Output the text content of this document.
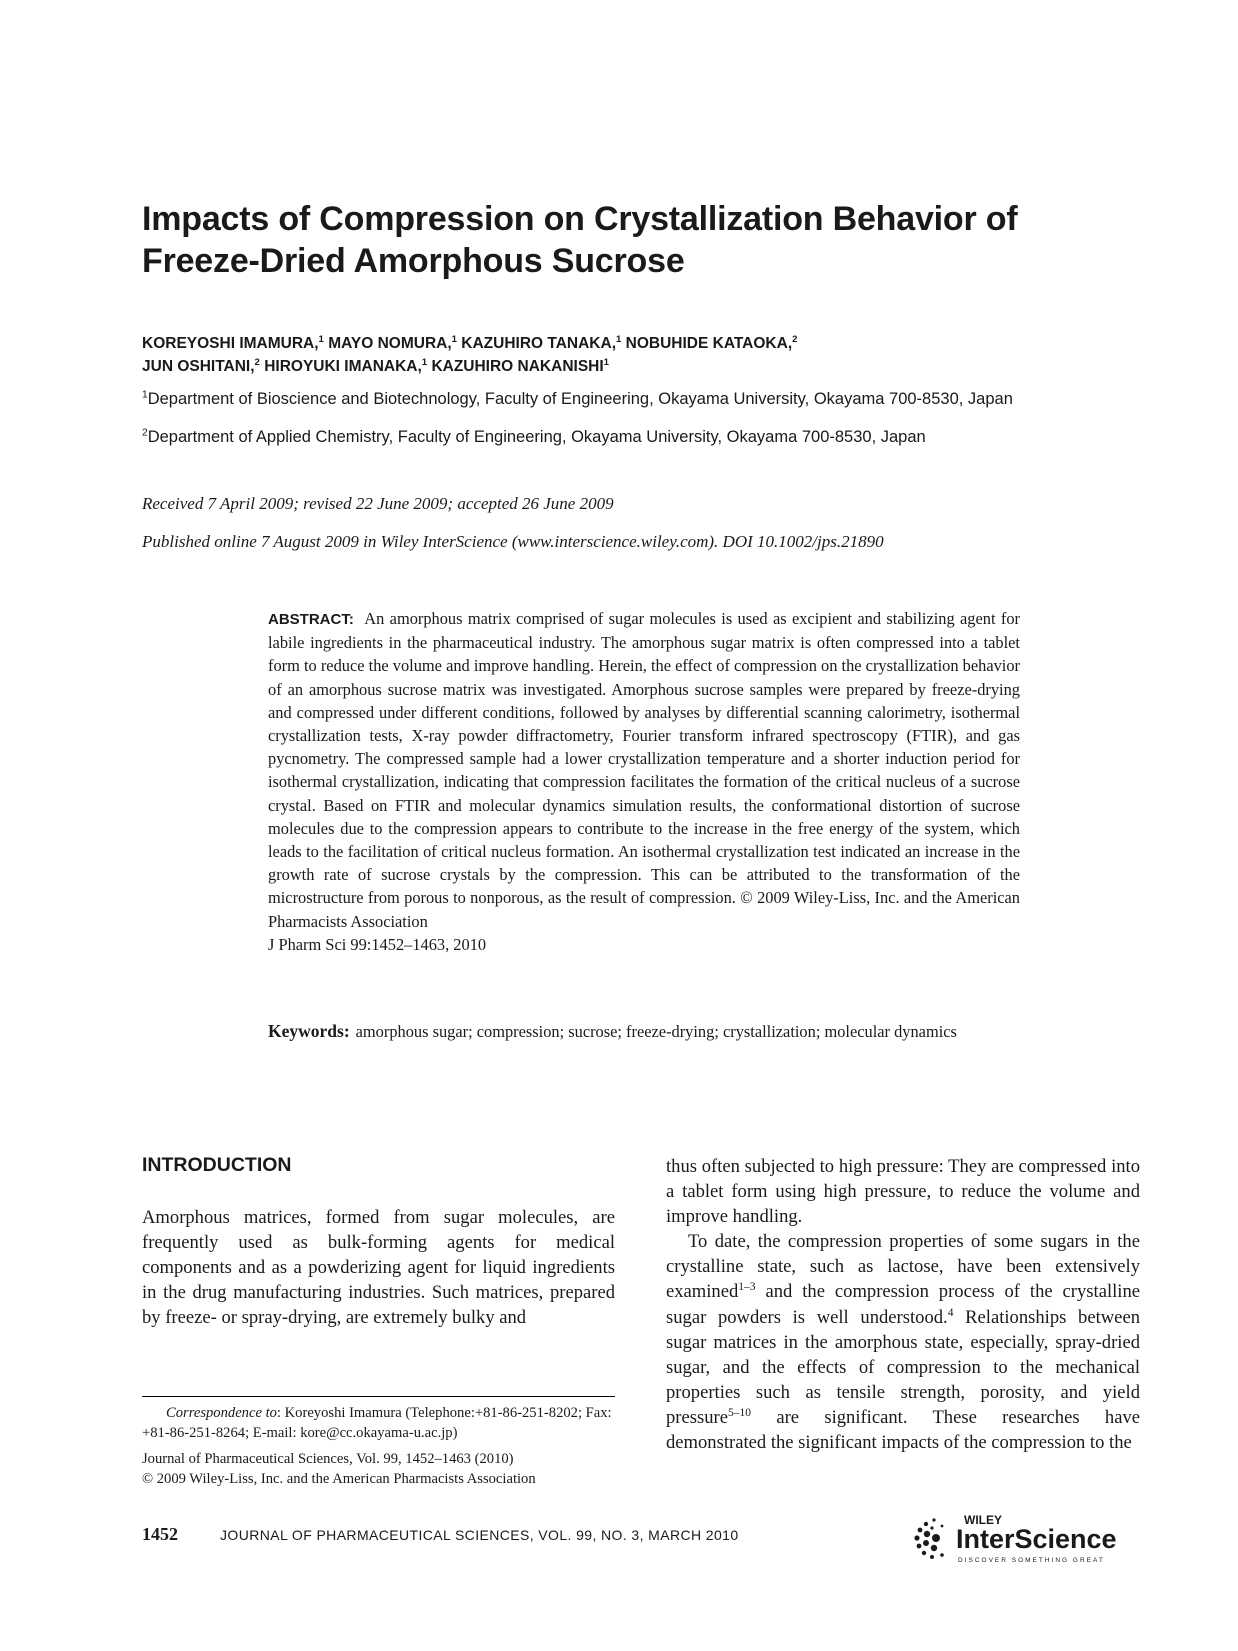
Impacts of Compression on Crystallization Behavior of
Freeze-Dried Amorphous Sucrose
KOREYOSHI IMAMURA,$^1$ MAYO NOMURA,$^1$ KAZUHIRO TANAKA,$^1$ NOBUHIDE KATAOKA,$^2$
JUN OSHITANI,$^2$ HIROYUKI IMANAKA,$^1$ KAZUHIRO NAKANISHI$^1$
$^1$Department of Bioscience and Biotechnology, Faculty of Engineering, Okayama University, Okayama 700-8530, Japan
$^2$Department of Applied Chemistry, Faculty of Engineering, Okayama University, Okayama 700-8530, Japan
Received 7 April 2009; revised 22 June 2009; accepted 26 June 2009
Published online 7 August 2009 in Wiley InterScience (www.interscience.wiley.com). DOI 10.1002/jps.21890
ABSTRACT: An amorphous matrix comprised of sugar molecules is used as excipient and stabilizing agent for labile ingredients in the pharmaceutical industry. The amorphous sugar matrix is often compressed into a tablet form to reduce the volume and improve handling. Herein, the effect of compression on the crystallization behavior of an amorphous sucrose matrix was investigated. Amorphous sucrose samples were prepared by freeze-drying and compressed under different conditions, followed by analyses by differential scanning calorimetry, isothermal crystallization tests, X-ray powder diffractometry, Fourier transform infrared spectroscopy (FTIR), and gas pycnometry. The compressed sample had a lower crystallization temperature and a shorter induction period for isothermal crystallization, indicating that compression facilitates the formation of the critical nucleus of a sucrose crystal. Based on FTIR and molecular dynamics simulation results, the conformational distortion of sucrose molecules due to the compression appears to contribute to the increase in the free energy of the system, which leads to the facilitation of critical nucleus formation. An isothermal crystallization test indicated an increase in the growth rate of sucrose crystals by the compression. This can be attributed to the transformation of the microstructure from porous to nonporous, as the result of compression. © 2009 Wiley-Liss, Inc. and the American Pharmacists Association
J Pharm Sci 99:1452–1463, 2010
Keywords: amorphous sugar; compression; sucrose; freeze-drying; crystallization; molecular dynamics
INTRODUCTION
Amorphous matrices, formed from sugar molecules, are frequently used as bulk-forming agents for medical components and as a powderizing agent for liquid ingredients in the drug manufacturing industries. Such matrices, prepared by freeze- or spray-drying, are extremely bulky and

thus often subjected to high pressure: They are compressed into a tablet form using high pressure, to reduce the volume and improve handling.

To date, the compression properties of some sugars in the crystalline state, such as lactose, have been extensively examined$^{1-3}$ and the compression process of the crystalline sugar powders is well understood.$^4$ Relationships between sugar matrices in the amorphous state, especially, spray-dried sugar, and the effects of compression to the mechanical properties such as tensile strength, porosity, and yield pressure$^{5-10}$ are significant. These researches have demonstrated the significant impacts of the compression to the

Correspondence to: Koreyoshi Imamura (Telephone:+81-86-251-8202; Fax: +81-86-251-8264; E-mail: kore@cc.okayama-u.ac.jp)
Journal of Pharmaceutical Sciences, Vol. 99, 1452–1463 (2010)
© 2009 Wiley-Liss, Inc. and the American Pharmacists Association
1452	JOURNAL OF PHARMACEUTICAL SCIENCES, VOL. 99, NO. 3, MARCH 2010
WILEY
InterScience
DISCOVER SOMETHING GREAT
